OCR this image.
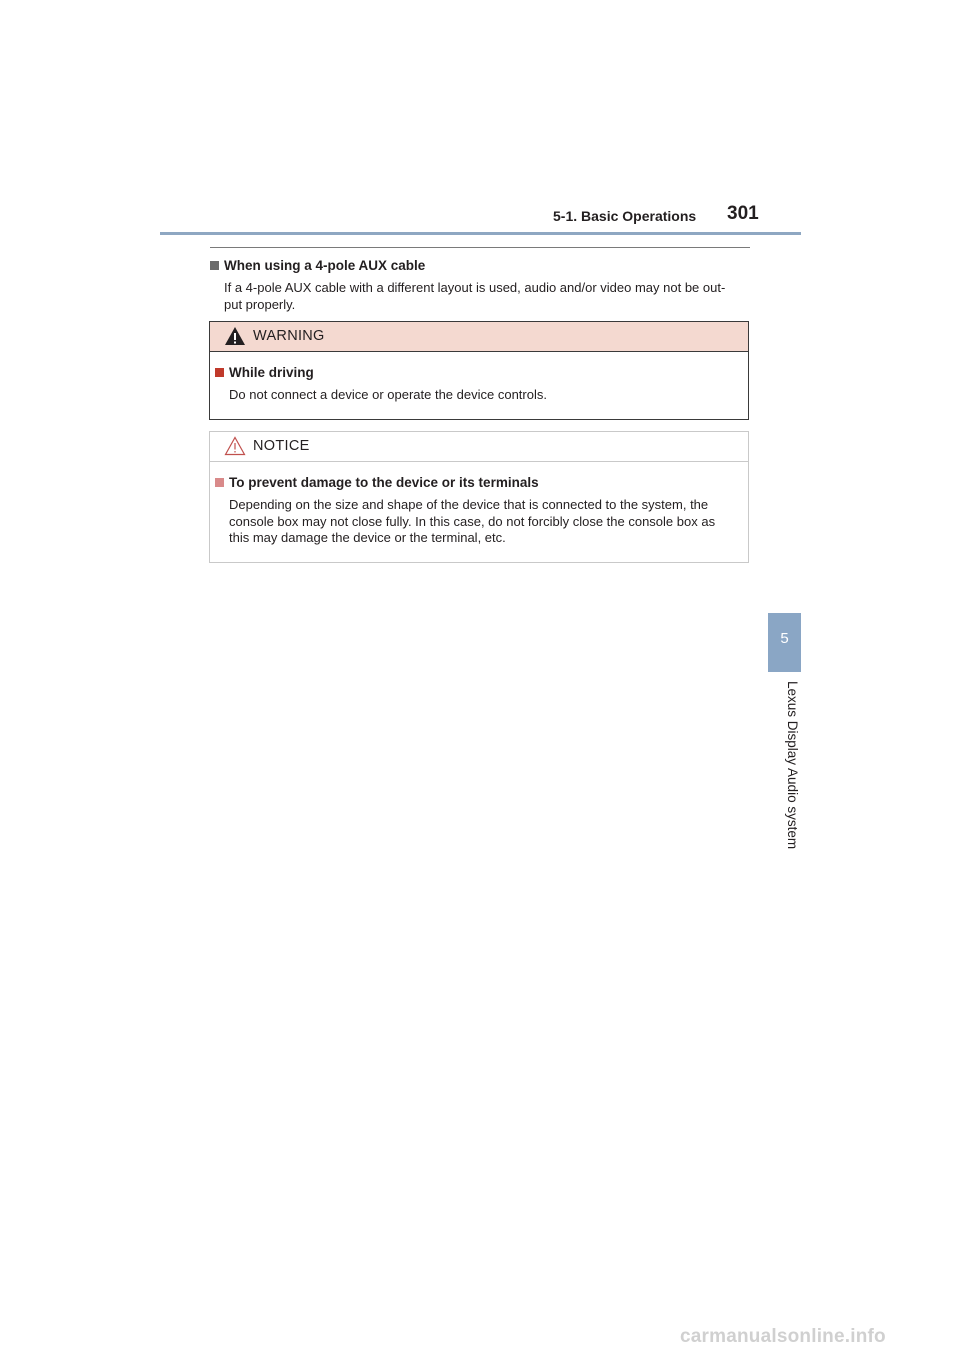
5-1. Basic Operations 301
When using a 4-pole AUX cable
If a 4-pole AUX cable with a different layout is used, audio and/or video may not be out-
put properly.
WARNING
While driving
Do not connect a device or operate the device controls.
NOTICE
To prevent damage to the device or its terminals
Depending on the size and shape of the device that is connected to the system, the
console box may not close fully. In this case, do not forcibly close the console box as
this may damage the device or the terminal, etc.
5
Lexus Display Audio system
carmanualsonline.info
